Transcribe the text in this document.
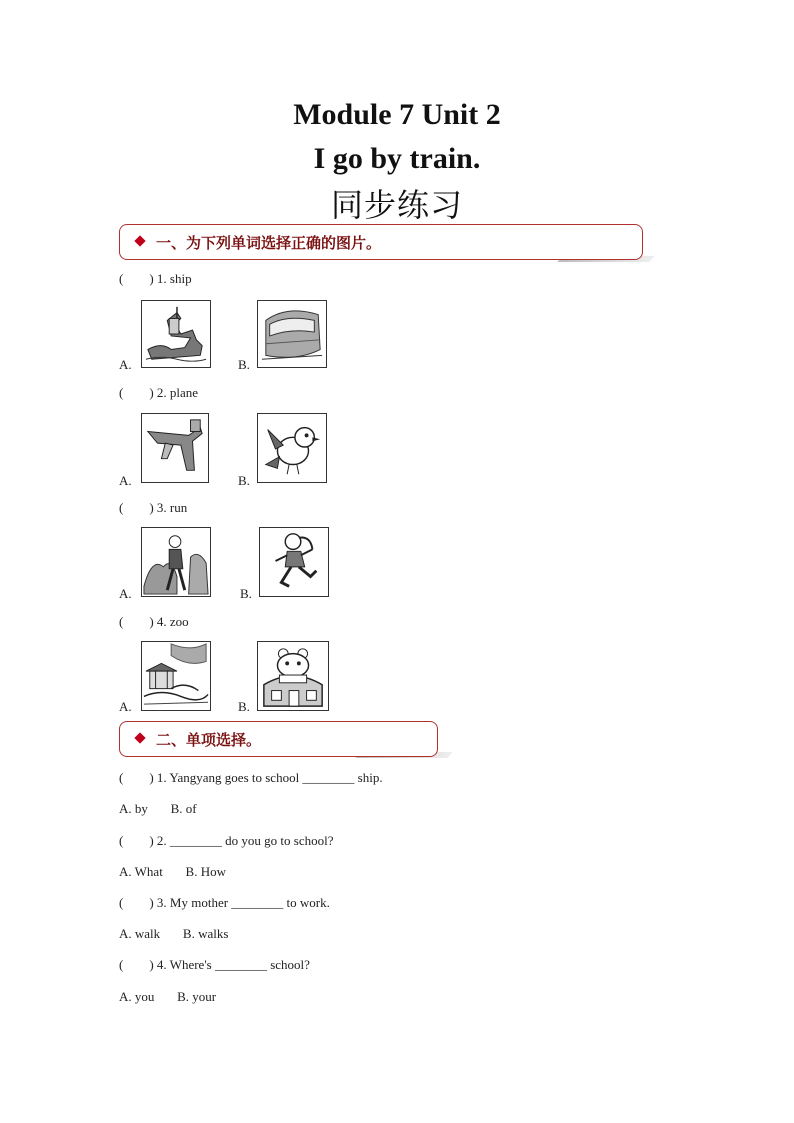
Module 7 Unit 2
I go by train.
同步练习
一、为下列单词选择正确的图片。
(        ) 1. ship
A.	B.
(        ) 2. plane
A.	B.
(        ) 3. run
A.	B.
(        ) 4. zoo
A.	B.
二、单项选择。
(        ) 1. Yangyang goes to school ________ ship.
A. by       B. of
(        ) 2. ________ do you go to school?
A. What       B. How
(        ) 3. My mother ________ to work.
A. walk       B. walks
(        ) 4. Where's ________ school?
A. you       B. your
